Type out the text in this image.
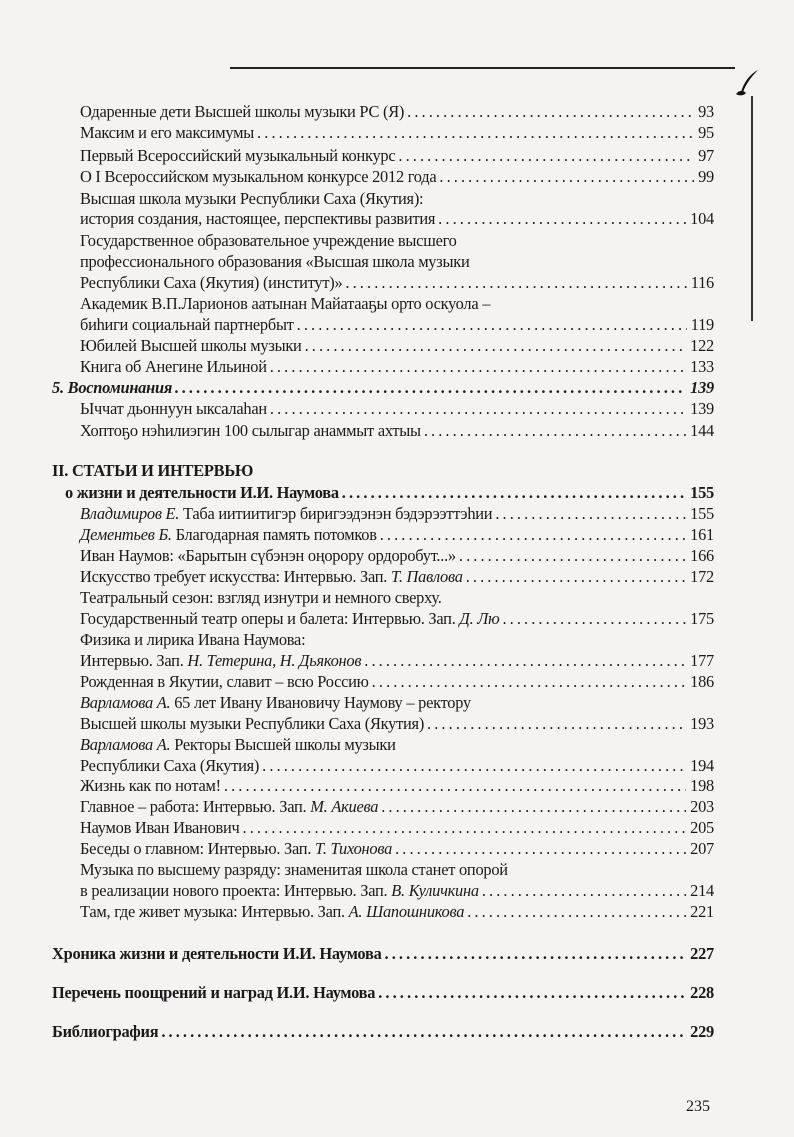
Одаренные дети Высшей школы музыки РС (Я) . . .	93
Максим и его максимумы . . .	95
Первый Всероссийский музыкальный конкурс . . .	97
О I Всероссийском музыкальном конкурсе 2012 года . . .	99
Высшая школа музыки Республики Саха (Якутия):
история создания, настоящее, перспективы развития . . .	104
Государственное образовательное учреждение высшего
профессионального образования «Высшая школа музыки
Республики Саха (Якутия) (институт)» . . .	116
Академик В.П.Ларионов аатынан Майатааҕы орто оскуола –
биһиги социальнай партнербыт . . .	119
Юбилей Высшей школы музыки . . .	122
Книга об Анегине Ильиной . . .	133
5. Воспоминания . . .	139
Ыччат дьоннуун ыксалаһан . . .	139
Хоптоҕо нэһилиэгин 100 сылыгар анаммыт ахтыы . . .	144
II. СТАТЬИ И ИНТЕРВЬЮ
о жизни и деятельности И.И. Наумова . . .	155
Владимиров Е. Таба иитиитигэр биригээдэнэн бэдэрээттэһии . . .	155
Дементьев Б. Благодарная память потомков . . .	161
Иван Наумов: «Барытын сүбэнэн оңорору ордоробут...» . . .	166
Искусство требует искусства: Интервью. Зап. Т. Павлова . . .	172
Театральный сезон: взгляд изнутри и немного сверху.
Государственный театр оперы и балета: Интервью. Зап. Д. Лю . . .	175
Физика и лирика Ивана Наумова:
Интервью. Зап. Н. Тетерина, Н. Дьяконов . . .	177
Рожденная в Якутии, славит – всю Россию . . .	186
Варламова А. 65 лет Ивану Ивановичу Наумову – ректору
Высшей школы музыки Республики Саха (Якутия) . . .	193
Варламова А. Ректоры Высшей школы музыки
Республики Саха (Якутия) . . .	194
Жизнь как по нотам! . . .	198
Главное – работа: Интервью. Зап. М. Акиева . . .	203
Наумов Иван Иванович . . .	205
Беседы о главном: Интервью. Зап. Т. Тихонова . . .	207
Музыка по высшему разряду: знаменитая школа станет опорой
в реализации нового проекта: Интервью. Зап. В. Куличкина . . .	214
Там, где живет музыка: Интервью. Зап. А. Шапошникова . . .	221
Хроника жизни и деятельности И.И. Наумова . . .	227
Перечень поощрений и наград И.И. Наумова . . .	228
Библиография . . .	229
235
